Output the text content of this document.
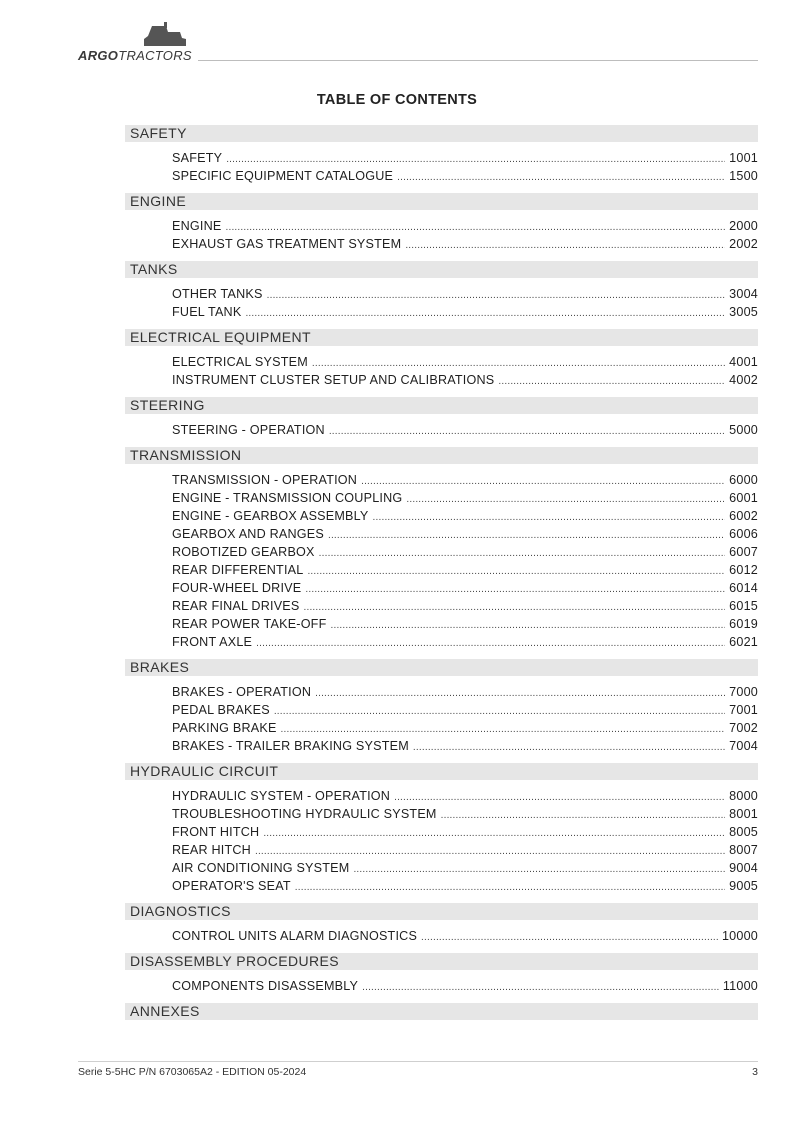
ARGOTRACTORS
TABLE OF CONTENTS
SAFETY
SAFETY .....	1001
SPECIFIC EQUIPMENT CATALOGUE .....	1500
ENGINE
ENGINE .....	2000
EXHAUST GAS TREATMENT SYSTEM .....	2002
TANKS
OTHER TANKS .....	3004
FUEL TANK .....	3005
ELECTRICAL EQUIPMENT
ELECTRICAL SYSTEM .....	4001
INSTRUMENT CLUSTER SETUP AND CALIBRATIONS .....	4002
STEERING
STEERING - OPERATION .....	5000
TRANSMISSION
TRANSMISSION - OPERATION .....	6000
ENGINE - TRANSMISSION COUPLING .....	6001
ENGINE - GEARBOX ASSEMBLY .....	6002
GEARBOX AND RANGES .....	6006
ROBOTIZED GEARBOX .....	6007
REAR DIFFERENTIAL .....	6012
FOUR-WHEEL DRIVE .....	6014
REAR FINAL DRIVES .....	6015
REAR POWER TAKE-OFF .....	6019
FRONT AXLE .....	6021
BRAKES
BRAKES - OPERATION .....	7000
PEDAL BRAKES .....	7001
PARKING BRAKE .....	7002
BRAKES - TRAILER BRAKING SYSTEM .....	7004
HYDRAULIC CIRCUIT
HYDRAULIC SYSTEM - OPERATION .....	8000
TROUBLESHOOTING HYDRAULIC SYSTEM .....	8001
FRONT HITCH .....	8005
REAR HITCH .....	8007
AIR CONDITIONING SYSTEM .....	9004
OPERATOR'S SEAT .....	9005
DIAGNOSTICS
CONTROL UNITS ALARM DIAGNOSTICS .....	10000
DISASSEMBLY PROCEDURES
COMPONENTS DISASSEMBLY .....	11000
ANNEXES
Serie 5-5HC P/N 6703065A2 - EDITION 05-2024	3
